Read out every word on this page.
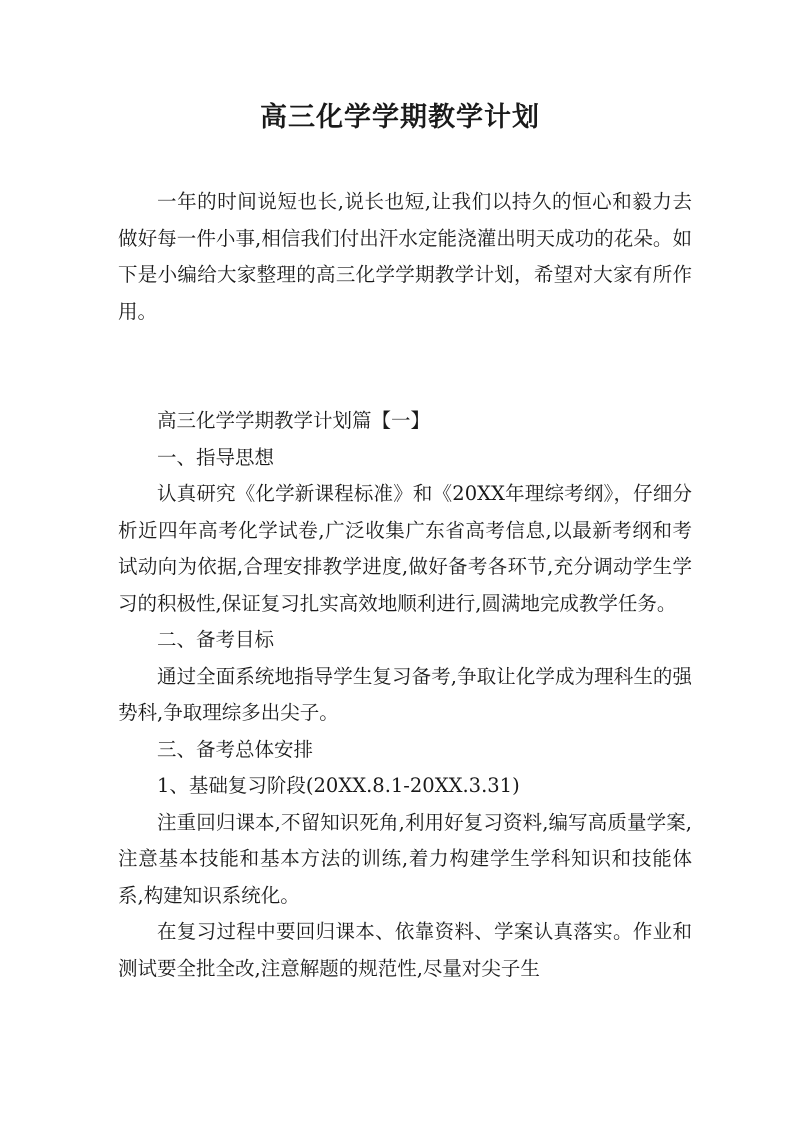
高三化学学期教学计划

一年的时间说短也长,说长也短,让我们以持久的恒心和毅力去做好每一件小事,相信我们付出汗水定能浇灌出明天成功的花朵。如下是小编给大家整理的高三化学学期教学计划，希望对大家有所作用。

高三化学学期教学计划篇【一】

一、指导思想

认真研究《化学新课程标准》和《20XX年理综考纲》，仔细分析近四年高考化学试卷,广泛收集广东省高考信息,以最新考纲和考试动向为依据,合理安排教学进度,做好备考各环节,充分调动学生学习的积极性,保证复习扎实高效地顺利进行,圆满地完成教学任务。

二、备考目标

通过全面系统地指导学生复习备考,争取让化学成为理科生的强势科,争取理综多出尖子。

三、备考总体安排

1、基础复习阶段(20XX.8.1-20XX.3.31)

注重回归课本,不留知识死角,利用好复习资料,编写高质量学案,注意基本技能和基本方法的训练,着力构建学生学科知识和技能体系,构建知识系统化。

在复习过程中要回归课本、依靠资料、学案认真落实。作业和测试要全批全改,注意解题的规范性,尽量对尖子生
